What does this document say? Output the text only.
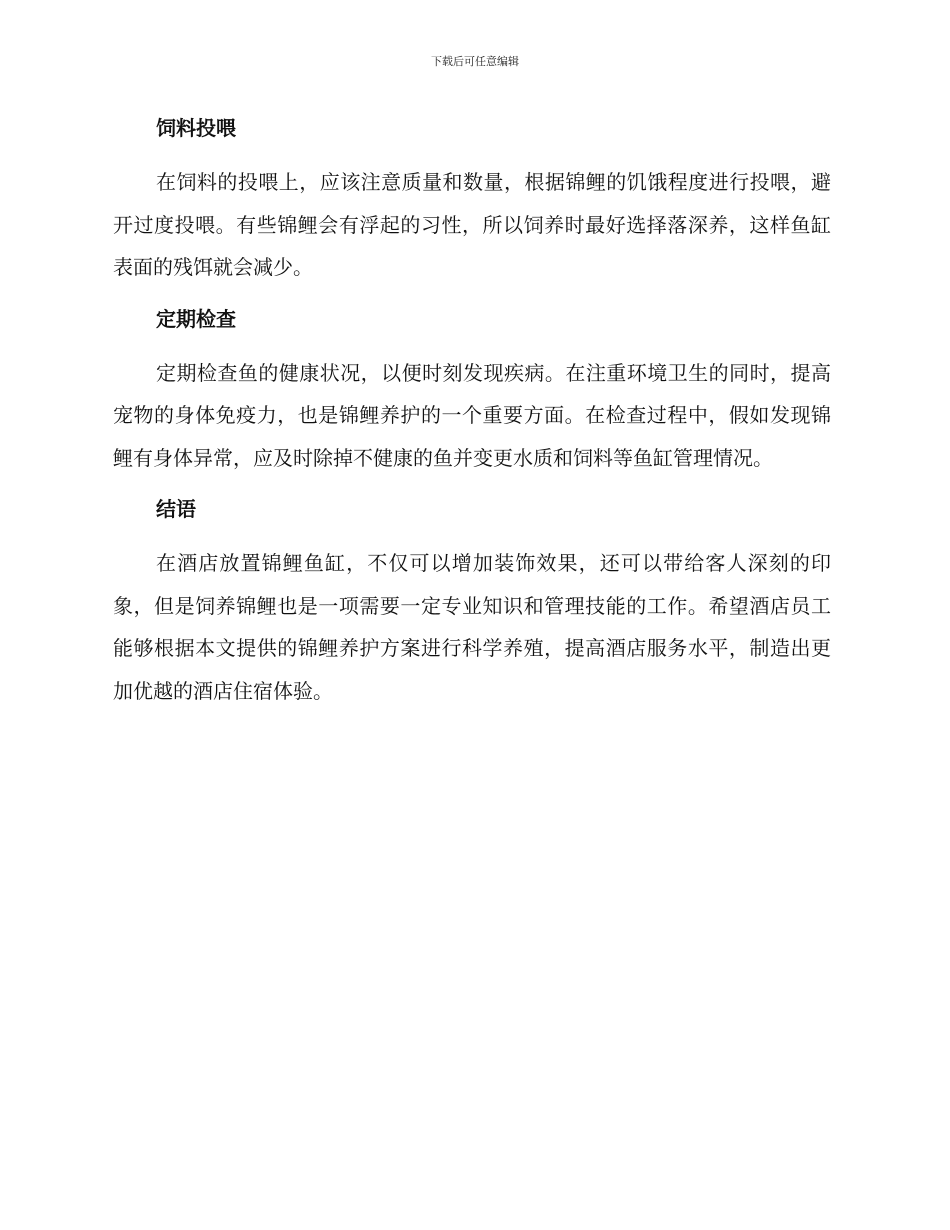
下载后可任意编辑
饲料投喂

在饲料的投喂上，应该注意质量和数量，根据锦鲤的饥饿程度进行投喂，避开过度投喂。有些锦鲤会有浮起的习性，所以饲养时最好选择落深养，这样鱼缸表面的残饵就会减少。

定期检查

定期检查鱼的健康状况，以便时刻发现疾病。在注重环境卫生的同时，提高宠物的身体免疫力，也是锦鲤养护的一个重要方面。在检查过程中，假如发现锦鲤有身体异常，应及时除掉不健康的鱼并变更水质和饲料等鱼缸管理情况。

结语

在酒店放置锦鲤鱼缸，不仅可以增加装饰效果，还可以带给客人深刻的印象，但是饲养锦鲤也是一项需要一定专业知识和管理技能的工作。希望酒店员工能够根据本文提供的锦鲤养护方案进行科学养殖，提高酒店服务水平，制造出更加优越的酒店住宿体验。
